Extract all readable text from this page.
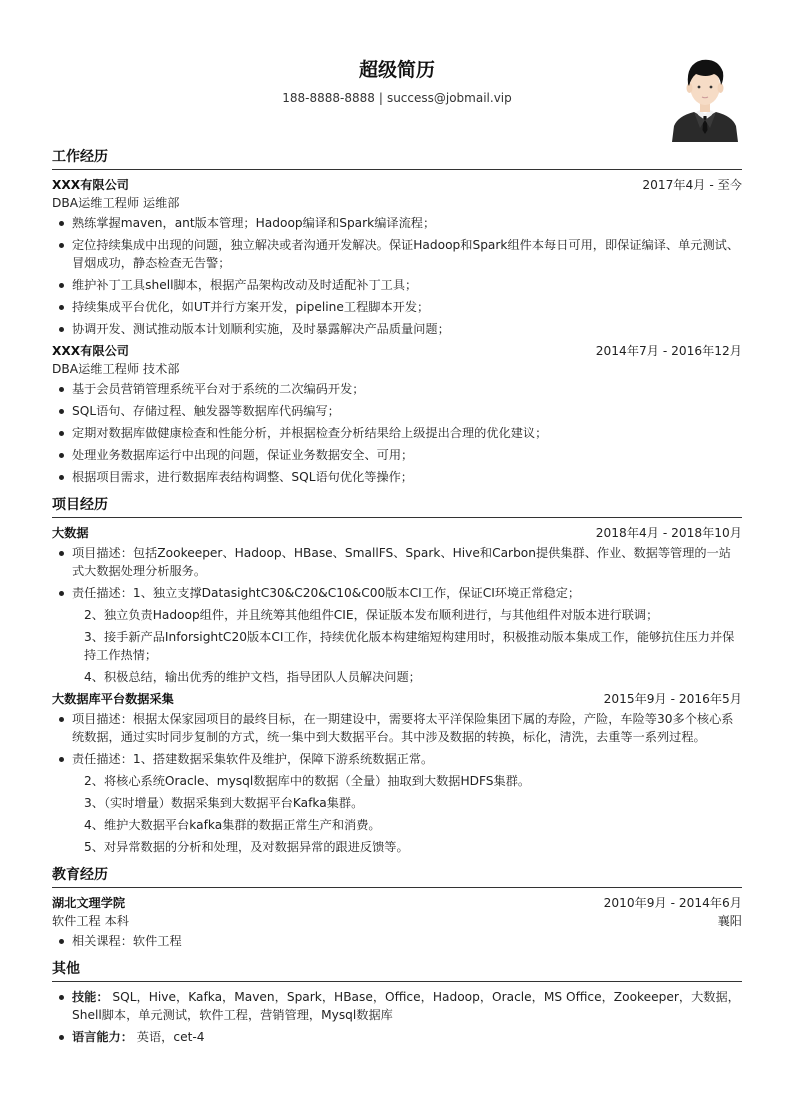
超级简历
188-8888-8888 | success@jobmail.vip
工作经历
XXX有限公司	2017年4月 - 至今
DBA运维工程师 运维部
熟练掌握maven，ant版本管理；Hadoop编译和Spark编译流程；
定位持续集成中出现的问题，独立解决或者沟通开发解决。保证Hadoop和Spark组件本每日可用，即保证编译、单元测试、冒烟成功，静态检查无告警；
维护补丁工具shell脚本，根据产品架构改动及时适配补丁工具；
持续集成平台优化，如UT并行方案开发，pipeline工程脚本开发；
协调开发、测试推动版本计划顺利实施，及时暴露解决产品质量问题；
XXX有限公司	2014年7月 - 2016年12月
DBA运维工程师 技术部
基于会员营销管理系统平台对于系统的二次编码开发；
SQL语句、存储过程、触发器等数据库代码编写；
定期对数据库做健康检查和性能分析，并根据检查分析结果给上级提出合理的优化建议；
处理业务数据库运行中出现的问题，保证业务数据安全、可用；
根据项目需求，进行数据库表结构调整、SQL语句优化等操作；
项目经历
大数据	2018年4月 - 2018年10月
项目描述：包括Zookeeper、Hadoop、HBase、SmallFS、Spark、Hive和Carbon提供集群、作业、数据等管理的一站式大数据处理分析服务。
责任描述：1、独立支撑DatasightC30&C20&C10&C00版本CI工作，保证CI环境正常稳定；
2、独立负责Hadoop组件，并且统筹其他组件CIE，保证版本发布顺利进行，与其他组件对版本进行联调；
3、接手新产品InforsightC20版本CI工作，持续优化版本构建缩短构建用时，积极推动版本集成工作，能够抗住压力并保持工作热情；
4、积极总结，输出优秀的维护文档，指导团队人员解决问题；
大数据库平台数据采集	2015年9月 - 2016年5月
项目描述：根据太保家园项目的最终目标，在一期建设中，需要将太平洋保险集团下属的寿险，产险，车险等30多个核心系统数据，通过实时同步复制的方式，统一集中到大数据平台。其中涉及数据的转换，标化，清洗，去重等一系列过程。
责任描述：1、搭建数据采集软件及维护，保障下游系统数据正常。
2、将核心系统Oracle、mysql数据库中的数据（全量）抽取到大数据HDFS集群。
3、（实时增量）数据采集到大数据平台Kafka集群。
4、维护大数据平台kafka集群的数据正常生产和消费。
5、对异常数据的分析和处理，及对数据异常的跟进反馈等。
教育经历
湖北文理学院	2010年9月 - 2014年6月
软件工程 本科	襄阳
相关课程：软件工程
其他
技能： SQL，Hive，Kafka，Maven，Spark，HBase，Office，Hadoop，Oracle，MS Office，Zookeeper，大数据，Shell脚本，单元测试，软件工程，营销管理，Mysql数据库
语言能力： 英语，cet-4
